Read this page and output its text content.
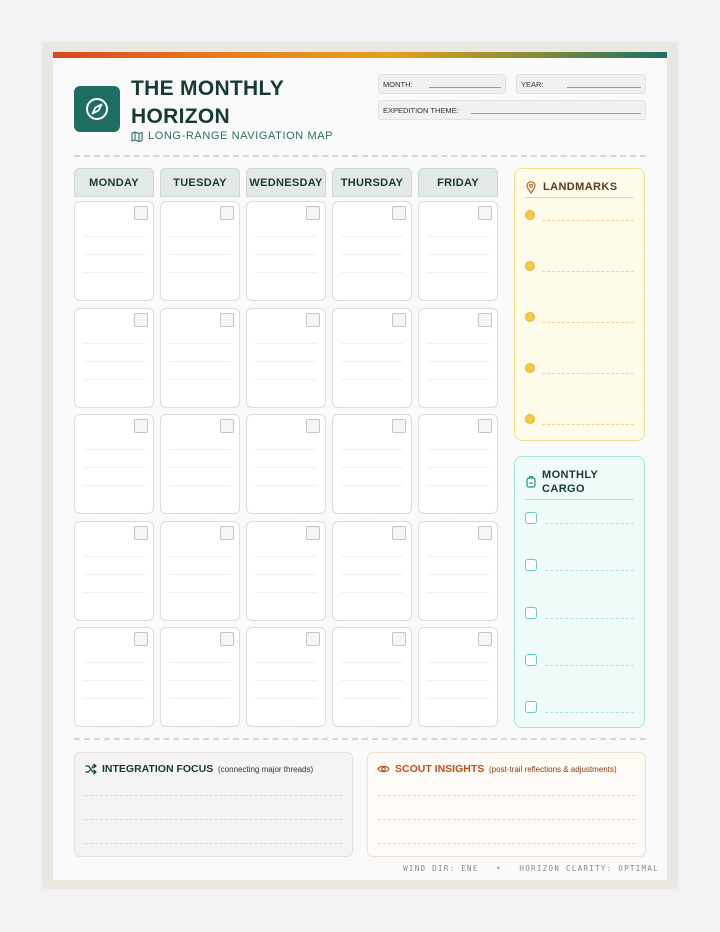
THE MONTHLY HORIZON
LONG-RANGE NAVIGATION MAP
MONTH:	YEAR:
EXPEDITION THEME:
MONDAY	TUESDAY	WEDNESDAY	THURSDAY	FRIDAY	LANDMARKS
MONTHLY
CARGO
INTEGRATION FOCUS (connecting major threads)	SCOUT INSIGHTS (post-trail reflections & adjustments)
WIND DIR: ENE • HORIZON CLARITY: OPTIMAL
